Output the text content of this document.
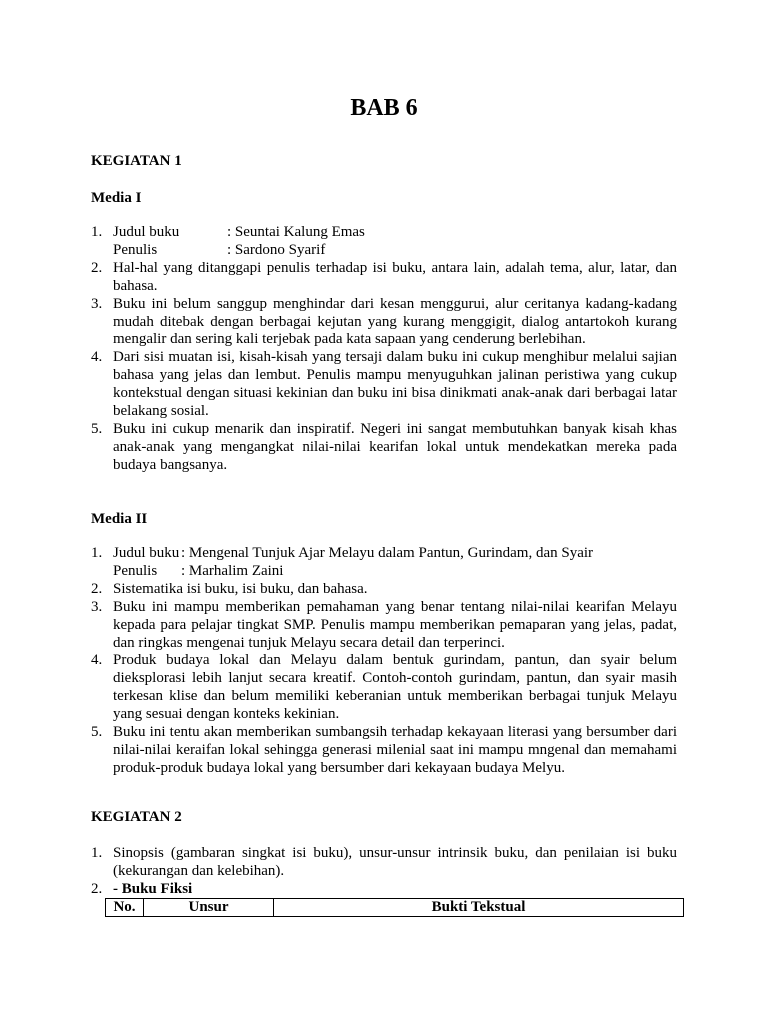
BAB 6
KEGIATAN 1
Media I
1. Judul buku	: Seuntai Kalung Emas
Penulis	: Sardono Syarif
2. Hal-hal yang ditanggapi penulis terhadap isi buku, antara lain, adalah tema, alur, latar, dan bahasa.
3. Buku ini belum sanggup menghindar dari kesan menggurui, alur ceritanya kadang-kadang mudah ditebak dengan berbagai kejutan yang kurang menggigit, dialog antartokoh kurang mengalir dan sering kali terjebak pada kata sapaan yang cenderung berlebihan.
4. Dari sisi muatan isi, kisah-kisah yang tersaji dalam buku ini cukup menghibur melalui sajian bahasa yang jelas dan lembut. Penulis mampu menyuguhkan jalinan peristiwa yang cukup kontekstual dengan situasi kekinian dan buku ini bisa dinikmati anak-anak dari berbagai latar belakang sosial.
5. Buku ini cukup menarik dan inspiratif. Negeri ini sangat membutuhkan banyak kisah khas anak-anak yang mengangkat nilai-nilai kearifan lokal untuk mendekatkan mereka pada budaya bangsanya.
Media II
1. Judul buku : Mengenal Tunjuk Ajar Melayu dalam Pantun, Gurindam, dan Syair
Penulis	: Marhalim Zaini
2. Sistematika isi buku, isi buku, dan bahasa.
3. Buku ini mampu memberikan pemahaman yang benar tentang nilai-nilai kearifan Melayu kepada para pelajar tingkat SMP. Penulis mampu memberikan pemaparan yang jelas, padat, dan ringkas mengenai tunjuk Melayu secara detail dan terperinci.
4. Produk budaya lokal dan Melayu dalam bentuk gurindam, pantun, dan syair belum dieksplorasi lebih lanjut secara kreatif. Contoh-contoh gurindam, pantun, dan syair masih terkesan klise dan belum memiliki keberanian untuk memberikan berbagai tunjuk Melayu yang sesuai dengan konteks kekinian.
5. Buku ini tentu akan memberikan sumbangsih terhadap kekayaan literasi yang bersumber dari nilai-nilai keraifan lokal sehingga generasi milenial saat ini mampu mngenal dan memahami produk-produk budaya lokal yang bersumber dari kekayaan budaya Melyu.
KEGIATAN 2
1. Sinopsis (gambaran singkat isi buku), unsur-unsur intrinsik buku, dan penilaian isi buku (kekurangan dan kelebihan).
2. - Buku Fiksi
No.	Unsur	Bukti Tekstual
